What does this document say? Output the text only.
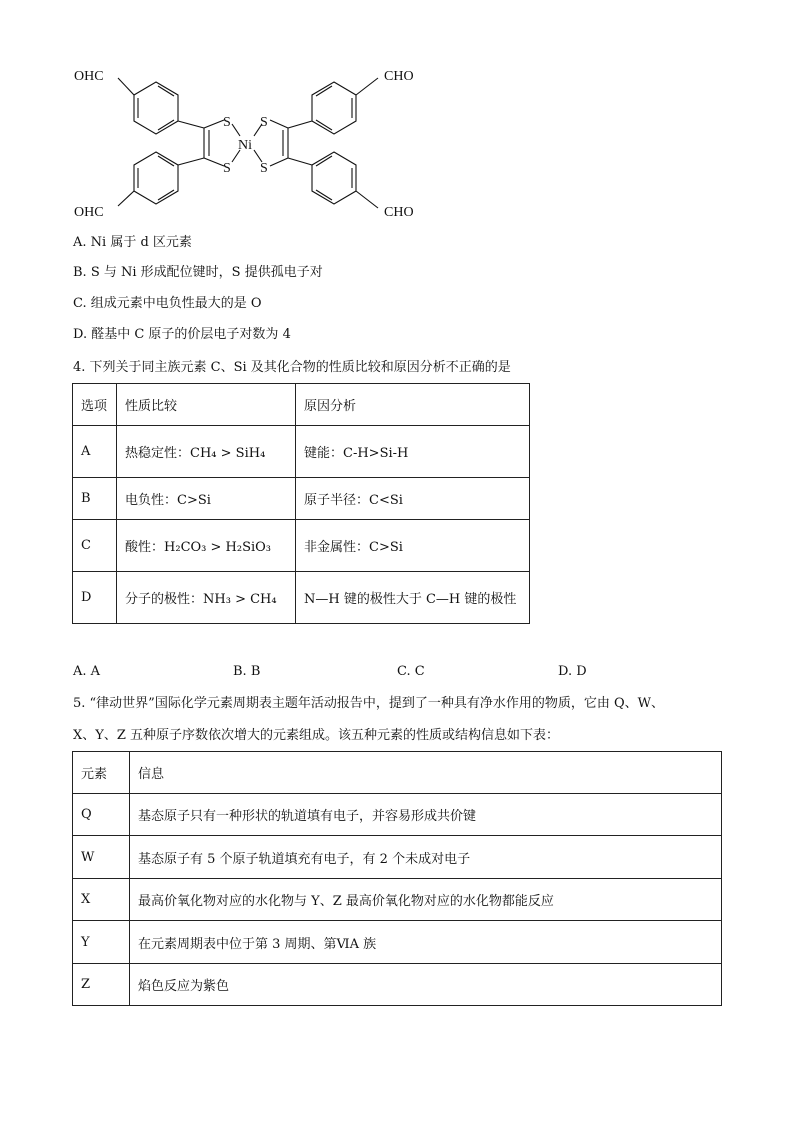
OHC	CHO
OHC	CHO
S
S
S
S
Ni
A. Ni 属于 d 区元素
B. S 与 Ni 形成配位键时，S 提供孤电子对
C. 组成元素中电负性最大的是 O
D. 醛基中 C 原子的价层电子对数为 4
4. 下列关于同主族元素 C、Si 及其化合物的性质比较和原因分析不正确的是
选项	性质比较	原因分析
A	热稳定性：CH₄ > SiH₄	键能：C-H>Si-H
B	电负性：C>Si	原子半径：C<Si
C	酸性：H₂CO₃ > H₂SiO₃	非金属性：C>Si
D	分子的极性：NH₃ > CH₄	N—H 键的极性大于 C—H 键的极性
A. A	B. B	C. C	D. D
5. “律动世界”国际化学元素周期表主题年活动报告中，提到了一种具有净水作用的物质，它由 Q、W、
X、Y、Z 五种原子序数依次增大的元素组成。该五种元素的性质或结构信息如下表：
元素	信息
Q	基态原子只有一种形状的轨道填有电子，并容易形成共价键
W	基态原子有 5 个原子轨道填充有电子，有 2 个未成对电子
X	最高价氧化物对应的水化物与 Y、Z 最高价氧化物对应的水化物都能反应
Y	在元素周期表中位于第 3 周期、第ⅥA 族
Z	焰色反应为紫色
